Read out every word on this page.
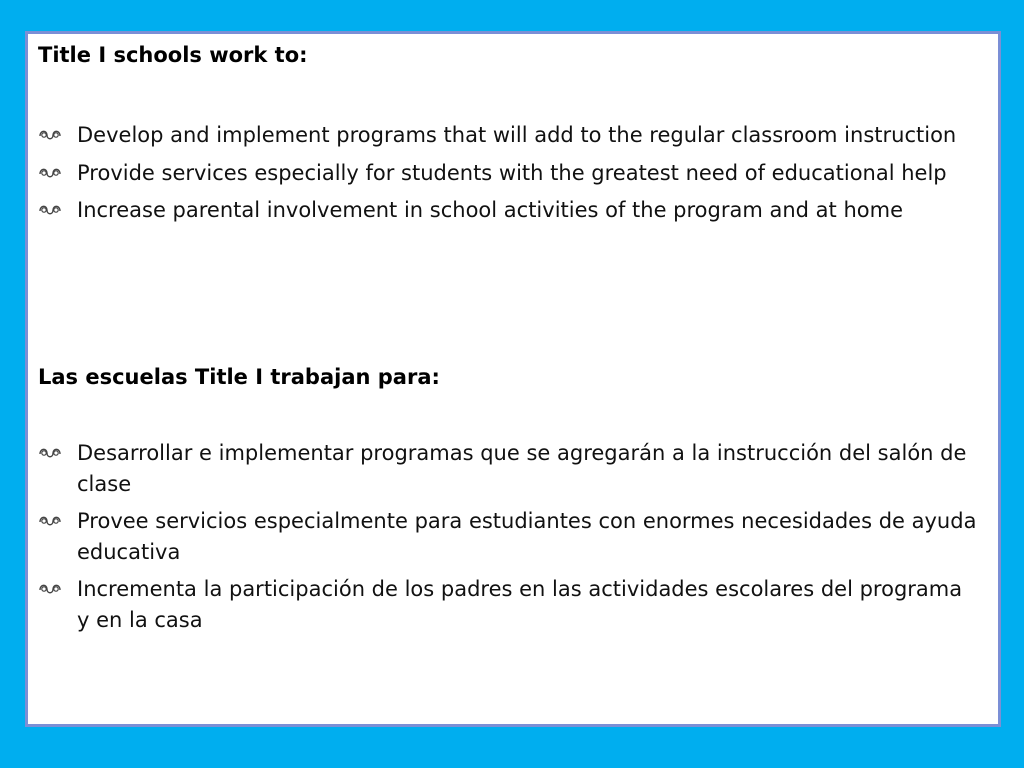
Title I schools work to:
Develop and implement programs that will add to the regular classroom instruction
Provide services especially for students with the greatest need of educational help
Increase parental involvement in school activities of the program and at home
Las escuelas Title I trabajan para:
Desarrollar e implementar programas que se agregarán a la instrucción del salón de clase
Provee servicios especialmente para estudiantes con enormes necesidades de ayuda educativa
Incrementa la participación de los padres en las actividades escolares del programa y en la casa
